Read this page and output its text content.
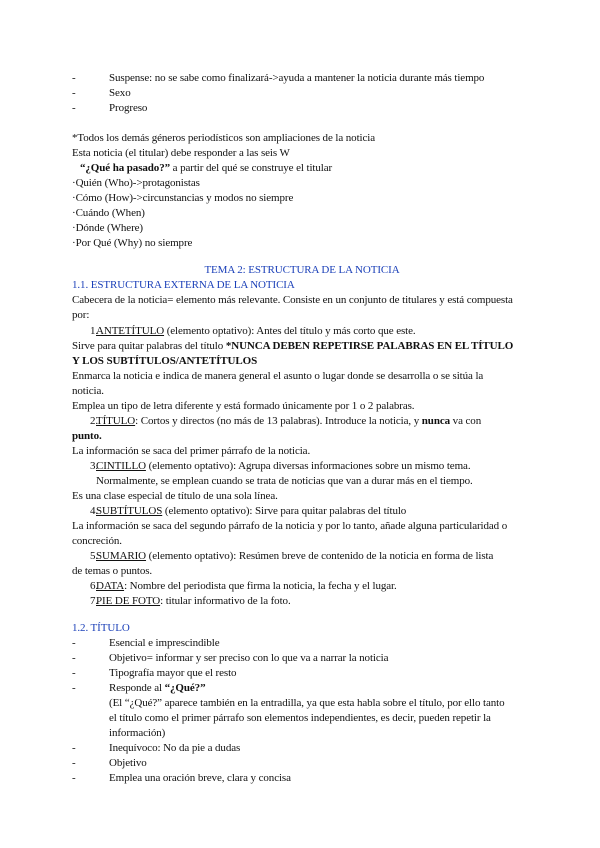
-	Suspense: no se sabe como finalizará->ayuda a mantener la noticia durante más tiempo
-	Sexo
-	Progreso
*Todos los demás géneros periodísticos son ampliaciones de la noticia
Esta noticia (el titular) debe responder a las seis W
“¿Qué ha pasado?” a partir del qué se construye el titular
·Quién (Who)->protagonistas
·Cómo (How)->circunstancias y modos no siempre
·Cuándo (When)
·Dónde (Where)
·Por Qué (Why) no siempre
TEMA 2: ESTRUCTURA DE LA NOTICIA
1.1. ESTRUCTURA EXTERNA DE LA NOTICIA
Cabecera de la noticia= elemento más relevante. Consiste en un conjunto de titulares y está compuesta
por:
1.
ANTETÍTULO (elemento optativo): Antes del título y más corto que este.
Sirve para quitar palabras del título *NUNCA DEBEN REPETIRSE PALABRAS EN EL TÍTULO
Y LOS SUBTÍTULOS/ANTETÍTULOS
Enmarca la noticia e indica de manera general el asunto o lugar donde se desarrolla o se sitúa la
noticia.
Emplea un tipo de letra diferente y está formado únicamente por 1 o 2 palabras.
2.
TÍTULO: Cortos y directos (no más de 13 palabras). Introduce la noticia, y nunca va con
punto.
La información se saca del primer párrafo de la noticia.
3.
CINTILLO (elemento optativo): Agrupa diversas informaciones sobre un mismo tema.
Normalmente, se emplean cuando se trata de noticias que van a durar más en el tiempo.
Es una clase especial de título de una sola línea.
4.
SUBTÍTULOS (elemento optativo): Sirve para quitar palabras del título
La información se saca del segundo párrafo de la noticia y por lo tanto, añade alguna particularidad o
concreción.
5.
SUMARIO (elemento optativo): Resúmen breve de contenido de la noticia en forma de lista
de temas o puntos.
6.
DATA: Nombre del periodista que firma la noticia, la fecha y el lugar.
7.
PIE DE FOTO: titular informativo de la foto.
1.2. TÍTULO
-	Esencial e imprescindible
-	Objetivo= informar y ser preciso con lo que va a narrar la noticia
-	Tipografía mayor que el resto
-	Responde al “¿Qué?”
(El “¿Qué?” aparece también en la entradilla, ya que esta habla sobre el título, por ello tanto
el título como el primer párrafo son elementos independientes, es decir, pueden repetir la
información)
-	Inequívoco: No da pie a dudas
-	Objetivo
-	Emplea una oración breve, clara y concisa
